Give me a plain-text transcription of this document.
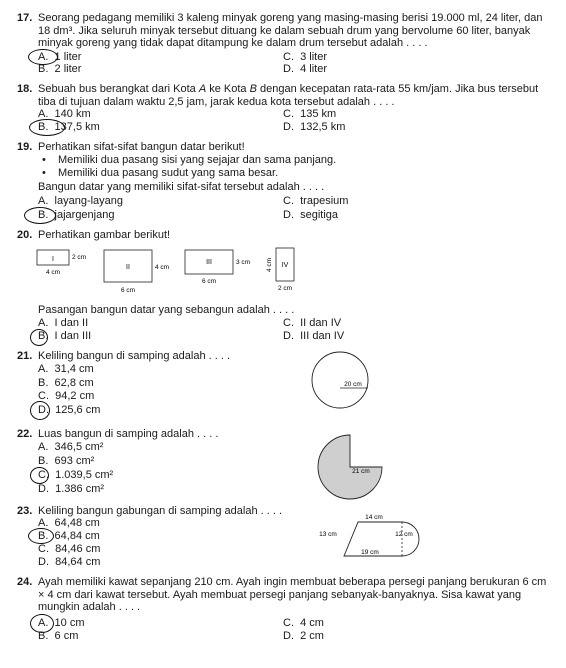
17. Seorang pedagang memiliki 3 kaleng minyak goreng yang masing-masing berisi 19.000 ml, 24 liter, dan 18 dm³. Jika seluruh minyak tersebut dituang ke dalam sebuah drum yang bervolume 60 liter, banyak minyak goreng yang tidak dapat ditampung ke dalam drum tersebut adalah . . . .
A. 1 liter
B. 2 liter
C. 3 liter
D. 4 liter
18. Sebuah bus berangkat dari Kota A ke Kota B dengan kecepatan rata-rata 55 km/jam. Jika bus tersebut tiba di tujuan dalam waktu 2,5 jam, jarak kedua kota tersebut adalah . . . .
A. 140 km
B. 137,5 km
C. 135 km
D. 132,5 km
19. Perhatikan sifat-sifat bangun datar berikut!
• Memiliki dua pasang sisi yang sejajar dan sama panjang.
• Memiliki dua pasang sudut yang sama besar.
Bangun datar yang memiliki sifat-sifat tersebut adalah . . . .
A. layang-layang
B. jajargenjang
C. trapesium
D. segitiga
20. Perhatikan gambar berikut!
I	2 cm
4 cm
II	4 cm
6 cm
III	3 cm
6 cm
IV
4 cm
2 cm
Pasangan bangun datar yang sebangun adalah . . . .
A. I dan II
B. I dan III
C. II dan IV
D. III dan IV
21. Keliling bangun di samping adalah . . . .
A. 31,4 cm
B. 62,8 cm
C. 94,2 cm
D. 125,6 cm
20 cm
22. Luas bangun di samping adalah . . . .
A. 346,5 cm²
B. 693 cm²
C. 1.039,5 cm²
D. 1.386 cm²
21 cm
23. Keliling bangun gabungan di samping adalah . . . .
A. 64,48 cm
B. 64,84 cm
C. 84,46 cm
D. 84,64 cm
14 cm
13 cm
19 cm
12 cm
24. Ayah memiliki kawat sepanjang 210 cm. Ayah ingin membuat beberapa persegi panjang berukuran 6 cm × 4 cm dari kawat tersebut. Ayah membuat persegi panjang sebanyak-banyaknya. Sisa kawat yang mungkin adalah . . . .
A. 10 cm
B. 6 cm
C. 4 cm
D. 2 cm
